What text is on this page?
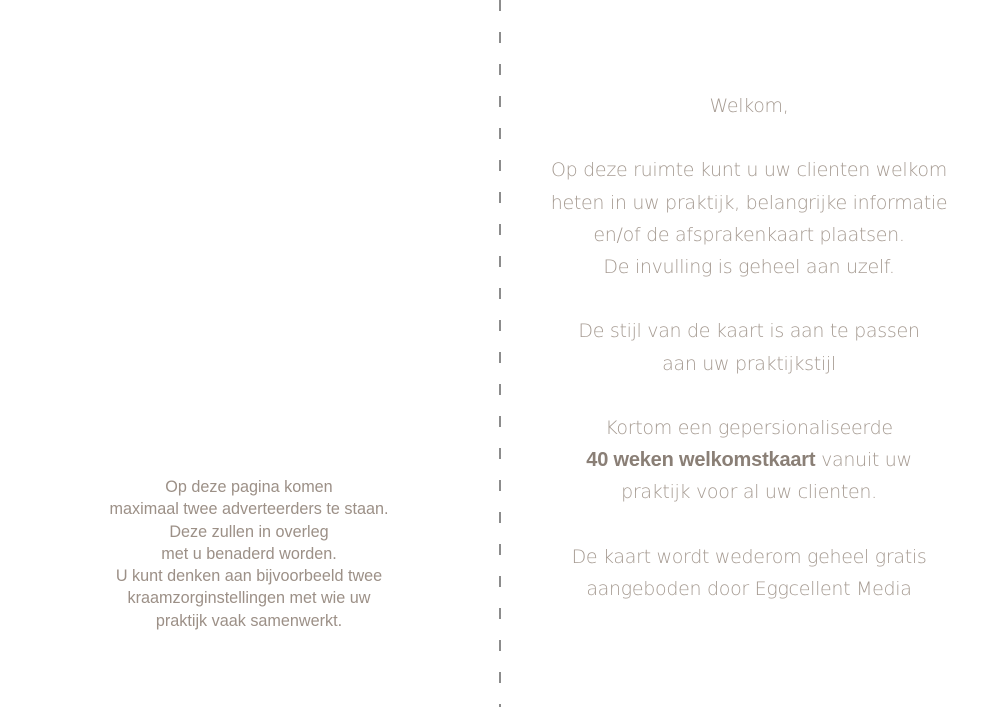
Op deze pagina komen
maximaal twee adverteerders te staan.
Deze zullen in overleg
met u benaderd worden.
U kunt denken aan bijvoorbeeld twee
kraamzorginstellingen met wie uw
praktijk vaak samenwerkt.
Welkom,
Op deze ruimte kunt u uw clienten welkom
heten in uw praktijk, belangrijke informatie
en/of de afsprakenkaart plaatsen.
De invulling is geheel aan uzelf.
De stijl van de kaart is aan te passen
aan uw praktijkstijl
Kortom een gepersionaliseerde
40 weken welkomstkaart vanuit uw
praktijk voor al uw clienten.
De kaart wordt wederom geheel gratis
aangeboden door Eggcellent Media
